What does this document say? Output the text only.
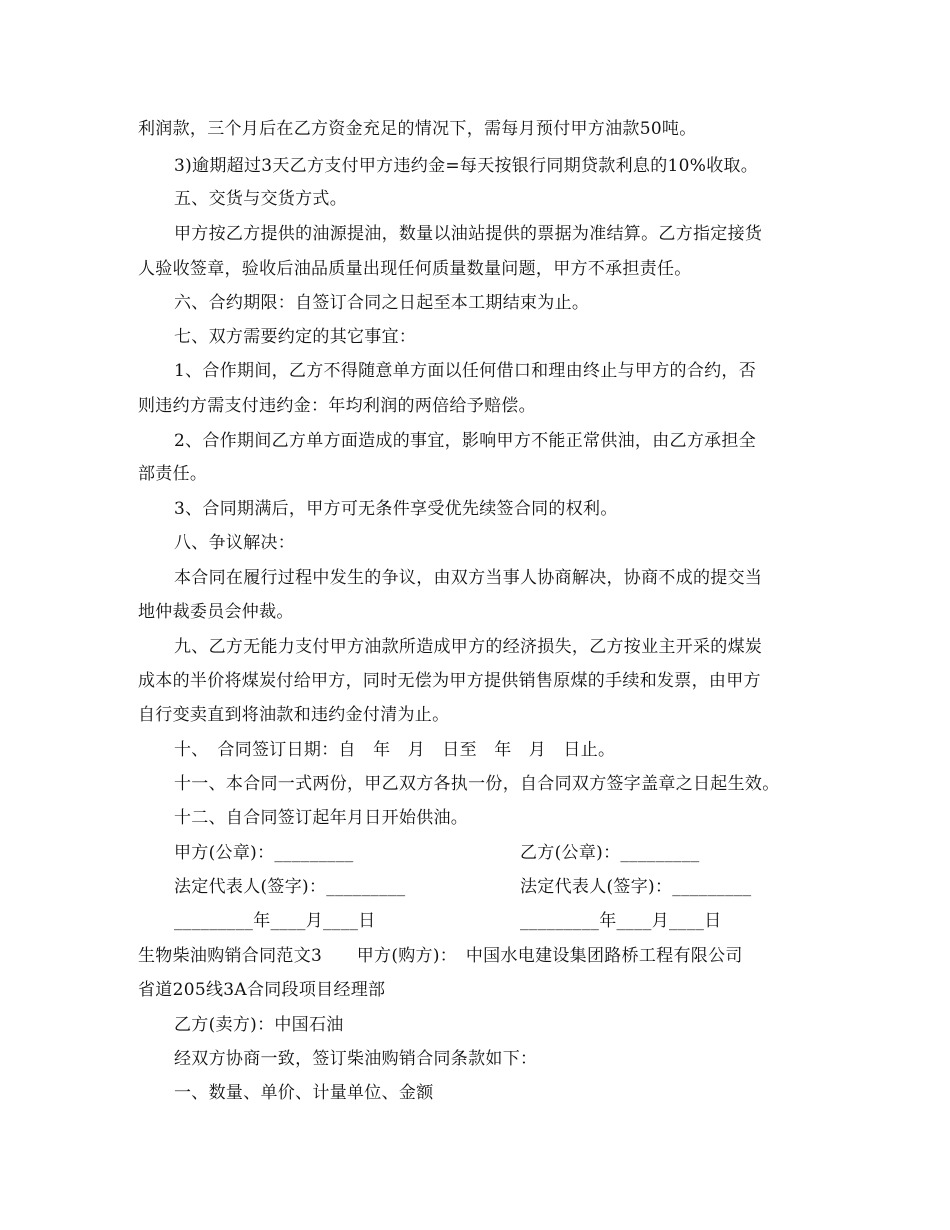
利润款，三个月后在乙方资金充足的情况下，需每月预付甲方油款50吨。
3)逾期超过3天乙方支付甲方违约金=每天按银行同期贷款利息的10%收取。
五、交货与交货方式。
甲方按乙方提供的油源提油，数量以油站提供的票据为准结算。乙方指定接货
人验收签章，验收后油品质量出现任何质量数量问题，甲方不承担责任。
六、合约期限：自签订合同之日起至本工期结束为止。
七、双方需要约定的其它事宜：
1、合作期间，乙方不得随意单方面以任何借口和理由终止与甲方的合约，否
则违约方需支付违约金：年均利润的两倍给予赔偿。
2、合作期间乙方单方面造成的事宜，影响甲方不能正常供油，由乙方承担全
部责任。
3、合同期满后，甲方可无条件享受优先续签合同的权利。
八、争议解决：
本合同在履行过程中发生的争议，由双方当事人协商解决，协商不成的提交当
地仲裁委员会仲裁。
九、乙方无能力支付甲方油款所造成甲方的经济损失，乙方按业主开采的煤炭
成本的半价将煤炭付给甲方，同时无偿为甲方提供销售原煤的手续和发票，由甲方
自行变卖直到将油款和违约金付清为止。
十、　合同签订日期：自　年　月　日至　年　月　日止。
十一、本合同一式两份，甲乙双方各执一份，自合同双方签字盖章之日起生效。
十二、自合同签订起年月日开始供油。
甲方(公章)：_________	乙方(公章)：_________
法定代表人(签字)：_________	法定代表人(签字)：_________
_________年____月____日	_________年____月____日
生物柴油购销合同范文3　　甲方(购方)：　中国水电建设集团路桥工程有限公司
省道205线3A合同段项目经理部
乙方(卖方)：中国石油
经双方协商一致，签订柴油购销合同条款如下：
一、数量、单价、计量单位、金额
